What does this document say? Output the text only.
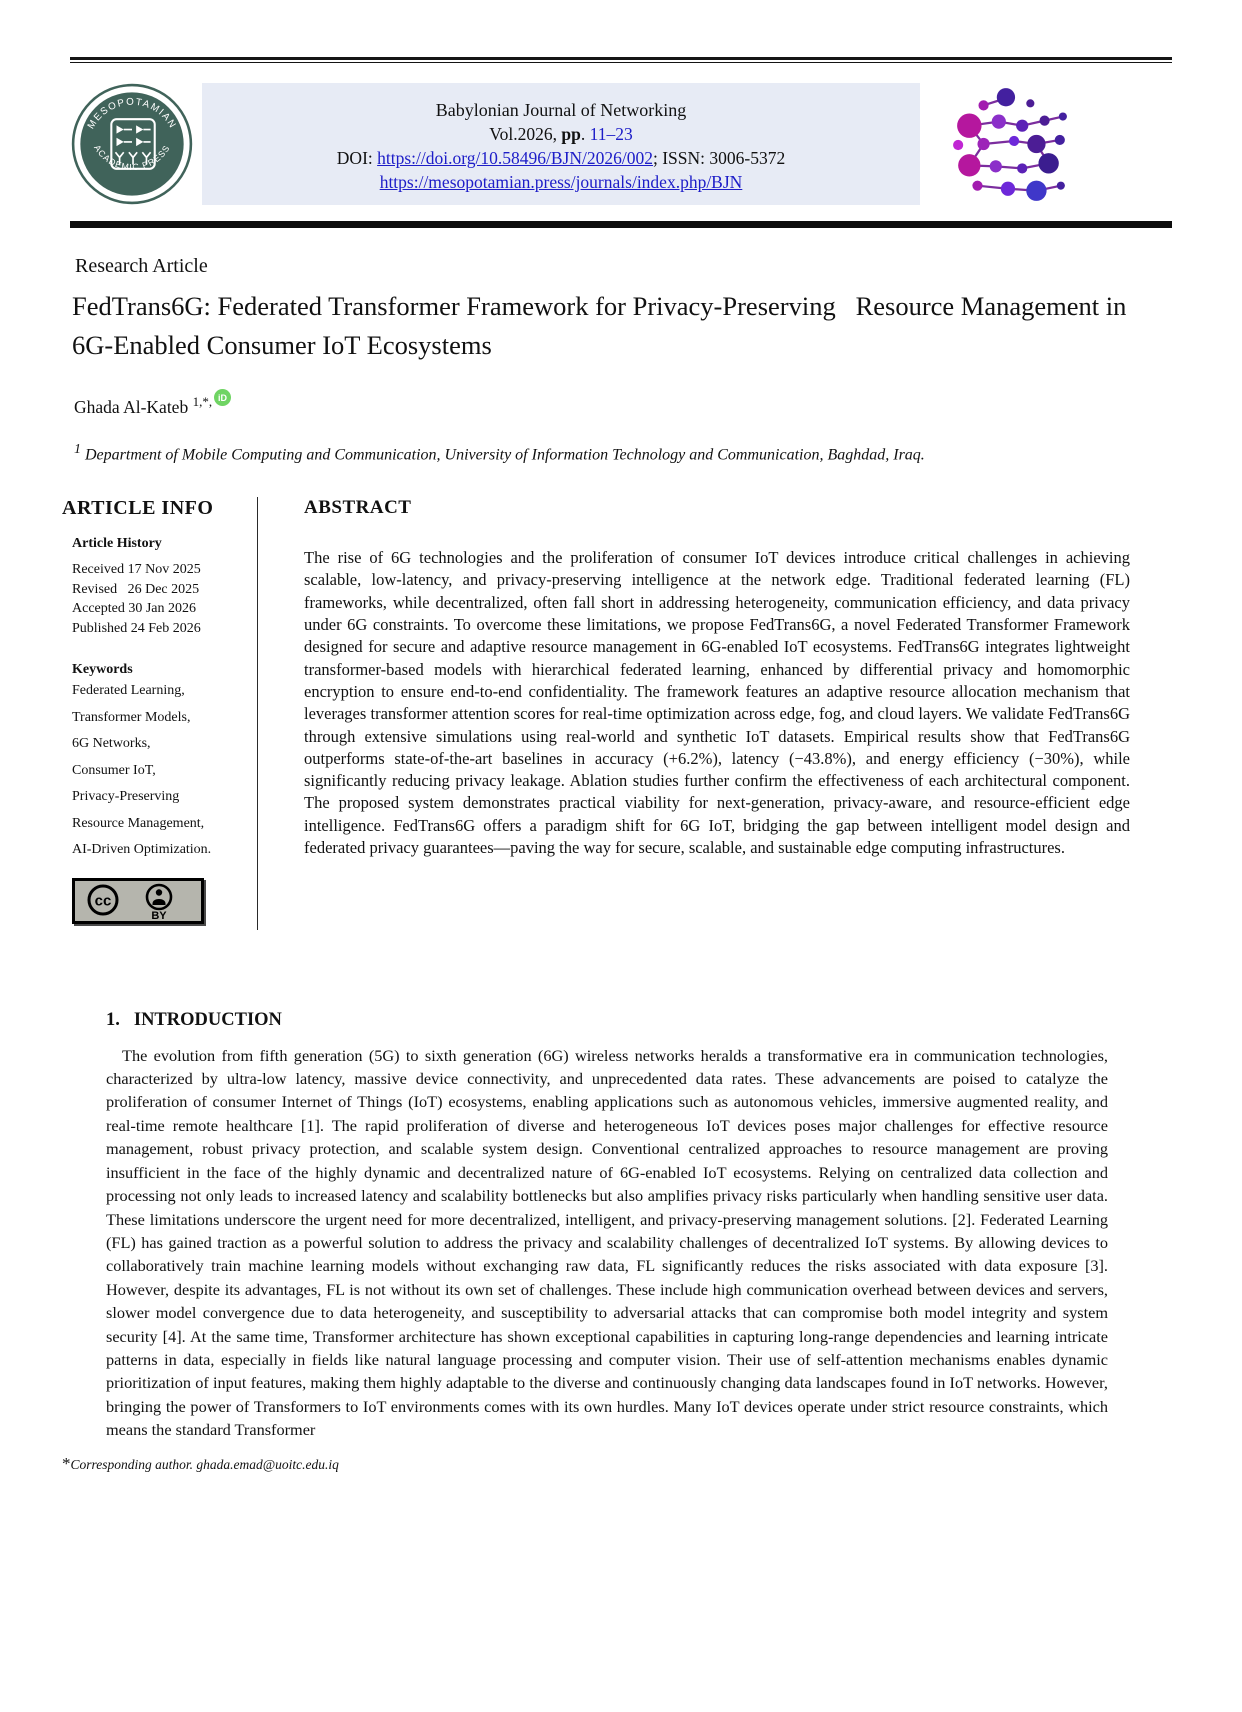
MESOPOTAMIAN
ACADEMIC PRESS
Babylonian Journal of Networking
Vol.2026, pp. 11–23
DOI: https://doi.org/10.58496/BJN/2026/002; ISSN: 3006-5372
https://mesopotamian.press/journals/index.php/BJN
Research Article
FedTrans6G: Federated Transformer Framework for Privacy-Preserving   Resource Management in 6G-Enabled Consumer IoT Ecosystems
Ghada Al-Kateb $^{1,*,}$ iD
$^1$ Department of Mobile Computing and Communication, University of Information Technology and Communication, Baghdad, Iraq.
ARTICLE INFO
Article History
Received 17 Nov 2025
Revised   26 Dec 2025
Accepted 30 Jan 2026
Published 24 Feb 2026
Keywords
Federated Learning,
Transformer Models,
6G Networks,
Consumer IoT,
Privacy-Preserving
Resource Management,
AI-Driven Optimization.
cc
BY
ABSTRACT

The rise of 6G technologies and the proliferation of consumer IoT devices introduce critical challenges in achieving scalable, low-latency, and privacy-preserving intelligence at the network edge. Traditional federated learning (FL) frameworks, while decentralized, often fall short in addressing heterogeneity, communication efficiency, and data privacy under 6G constraints. To overcome these limitations, we propose FedTrans6G, a novel Federated Transformer Framework designed for secure and adaptive resource management in 6G-enabled IoT ecosystems. FedTrans6G integrates lightweight transformer-based models with hierarchical federated learning, enhanced by differential privacy and homomorphic encryption to ensure end-to-end confidentiality. The framework features an adaptive resource allocation mechanism that leverages transformer attention scores for real-time optimization across edge, fog, and cloud layers. We validate FedTrans6G through extensive simulations using real-world and synthetic IoT datasets. Empirical results show that FedTrans6G outperforms state-of-the-art baselines in accuracy (+6.2%), latency (−43.8%), and energy efficiency (−30%), while significantly reducing privacy leakage. Ablation studies further confirm the effectiveness of each architectural component. The proposed system demonstrates practical viability for next-generation, privacy-aware, and resource-efficient edge intelligence. FedTrans6G offers a paradigm shift for 6G IoT, bridging the gap between intelligent model design and federated privacy guarantees—paving the way for secure, scalable, and sustainable edge computing infrastructures.

1. INTRODUCTION

The evolution from fifth generation (5G) to sixth generation (6G) wireless networks heralds a transformative era in communication technologies, characterized by ultra-low latency, massive device connectivity, and unprecedented data rates. These advancements are poised to catalyze the proliferation of consumer Internet of Things (IoT) ecosystems, enabling applications such as autonomous vehicles, immersive augmented reality, and real-time remote healthcare [1]. The rapid proliferation of diverse and heterogeneous IoT devices poses major challenges for effective resource management, robust privacy protection, and scalable system design. Conventional centralized approaches to resource management are proving insufficient in the face of the highly dynamic and decentralized nature of 6G-enabled IoT ecosystems. Relying on centralized data collection and processing not only leads to increased latency and scalability bottlenecks but also amplifies privacy risks particularly when handling sensitive user data. These limitations underscore the urgent need for more decentralized, intelligent, and privacy-preserving management solutions. [2]. Federated Learning (FL) has gained traction as a powerful solution to address the privacy and scalability challenges of decentralized IoT systems. By allowing devices to collaboratively train machine learning models without exchanging raw data, FL significantly reduces the risks associated with data exposure [3]. However, despite its advantages, FL is not without its own set of challenges. These include high communication overhead between devices and servers, slower model convergence due to data heterogeneity, and susceptibility to adversarial attacks that can compromise both model integrity and system security [4]. At the same time, Transformer architecture has shown exceptional capabilities in capturing long-range dependencies and learning intricate patterns in data, especially in fields like natural language processing and computer vision. Their use of self-attention mechanisms enables dynamic prioritization of input features, making them highly adaptable to the diverse and continuously changing data landscapes found in IoT networks. However, bringing the power of Transformers to IoT environments comes with its own hurdles. Many IoT devices operate under strict resource constraints, which means the standard Transformer

*Corresponding author. ghada.emad@uoitc.edu.iq
